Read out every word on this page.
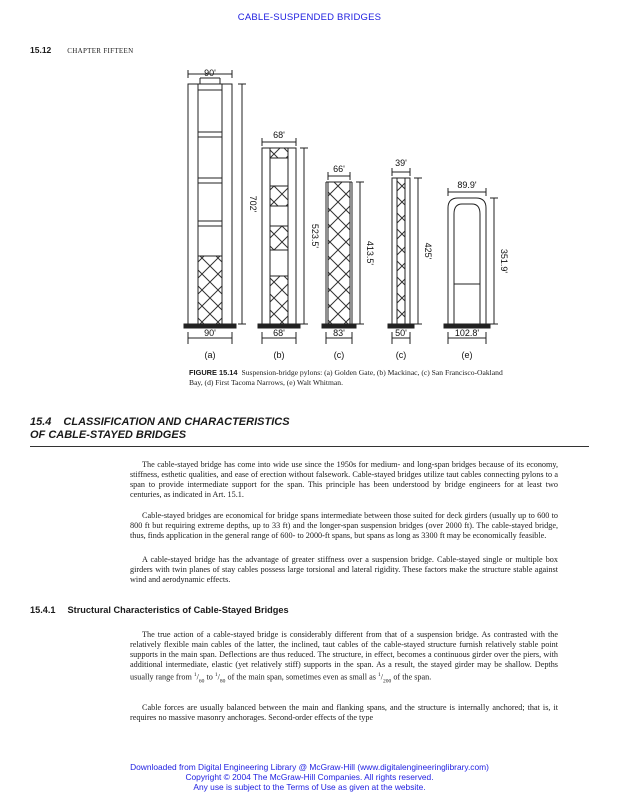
CABLE-SUSPENDED BRIDGES
15.12 CHAPTER FIFTEEN
90'
702'
90'
(a)
68'
523.5'
68'
(b)
66'
413.5'
83'
(c)
39'
425'
50'
(c)
89.9'
351.9'
102.8'
(e)
FIGURE 15.14 Suspension-bridge pylons: (a) Golden Gate, (b) Mackinac, (c) San Francisco-Oakland Bay, (d) First Tacoma Narrows, (e) Walt Whitman.
15.4 CLASSIFICATION AND CHARACTERISTICS
OF CABLE-STAYED BRIDGES
The cable-stayed bridge has come into wide use since the 1950s for medium- and long-span bridges because of its economy, stiffness, esthetic qualities, and ease of erection without falsework. Cable-stayed bridges utilize taut cables connecting pylons to a span to provide intermediate support for the span. This principle has been understood by bridge engineers for at least two centuries, as indicated in Art. 15.1.
Cable-stayed bridges are economical for bridge spans intermediate between those suited for deck girders (usually up to 600 to 800 ft but requiring extreme depths, up to 33 ft) and the longer-span suspension bridges (over 2000 ft). The cable-stayed bridge, thus, finds application in the general range of 600- to 2000-ft spans, but spans as long as 3300 ft may be economically feasible.
A cable-stayed bridge has the advantage of greater stiffness over a suspension bridge. Cable-stayed single or multiple box girders with twin planes of stay cables possess large torsional and lateral rigidity. These factors make the structure stable against wind and aerodynamic effects.
15.4.1 Structural Characteristics of Cable-Stayed Bridges
The true action of a cable-stayed bridge is considerably different from that of a suspension bridge. As contrasted with the relatively flexible main cables of the latter, the inclined, taut cables of the cable-stayed structure furnish relatively stable point supports in the main span. Deflections are thus reduced. The structure, in effect, becomes a continuous girder over the piers, with additional intermediate, elastic (yet relatively stiff) supports in the span. As a result, the stayed girder may be shallow. Depths usually range from $^1/_{60}$ to $^1/_{80}$ of the main span, sometimes even as small as $^1/_{200}$ of the span.
Cable forces are usually balanced between the main and flanking spans, and the structure is internally anchored; that is, it requires no massive masonry anchorages. Second-order effects of the type
Downloaded from Digital Engineering Library @ McGraw-Hill (www.digitalengineeringlibrary.com)
Copyright © 2004 The McGraw-Hill Companies. All rights reserved.
Any use is subject to the Terms of Use as given at the website.
